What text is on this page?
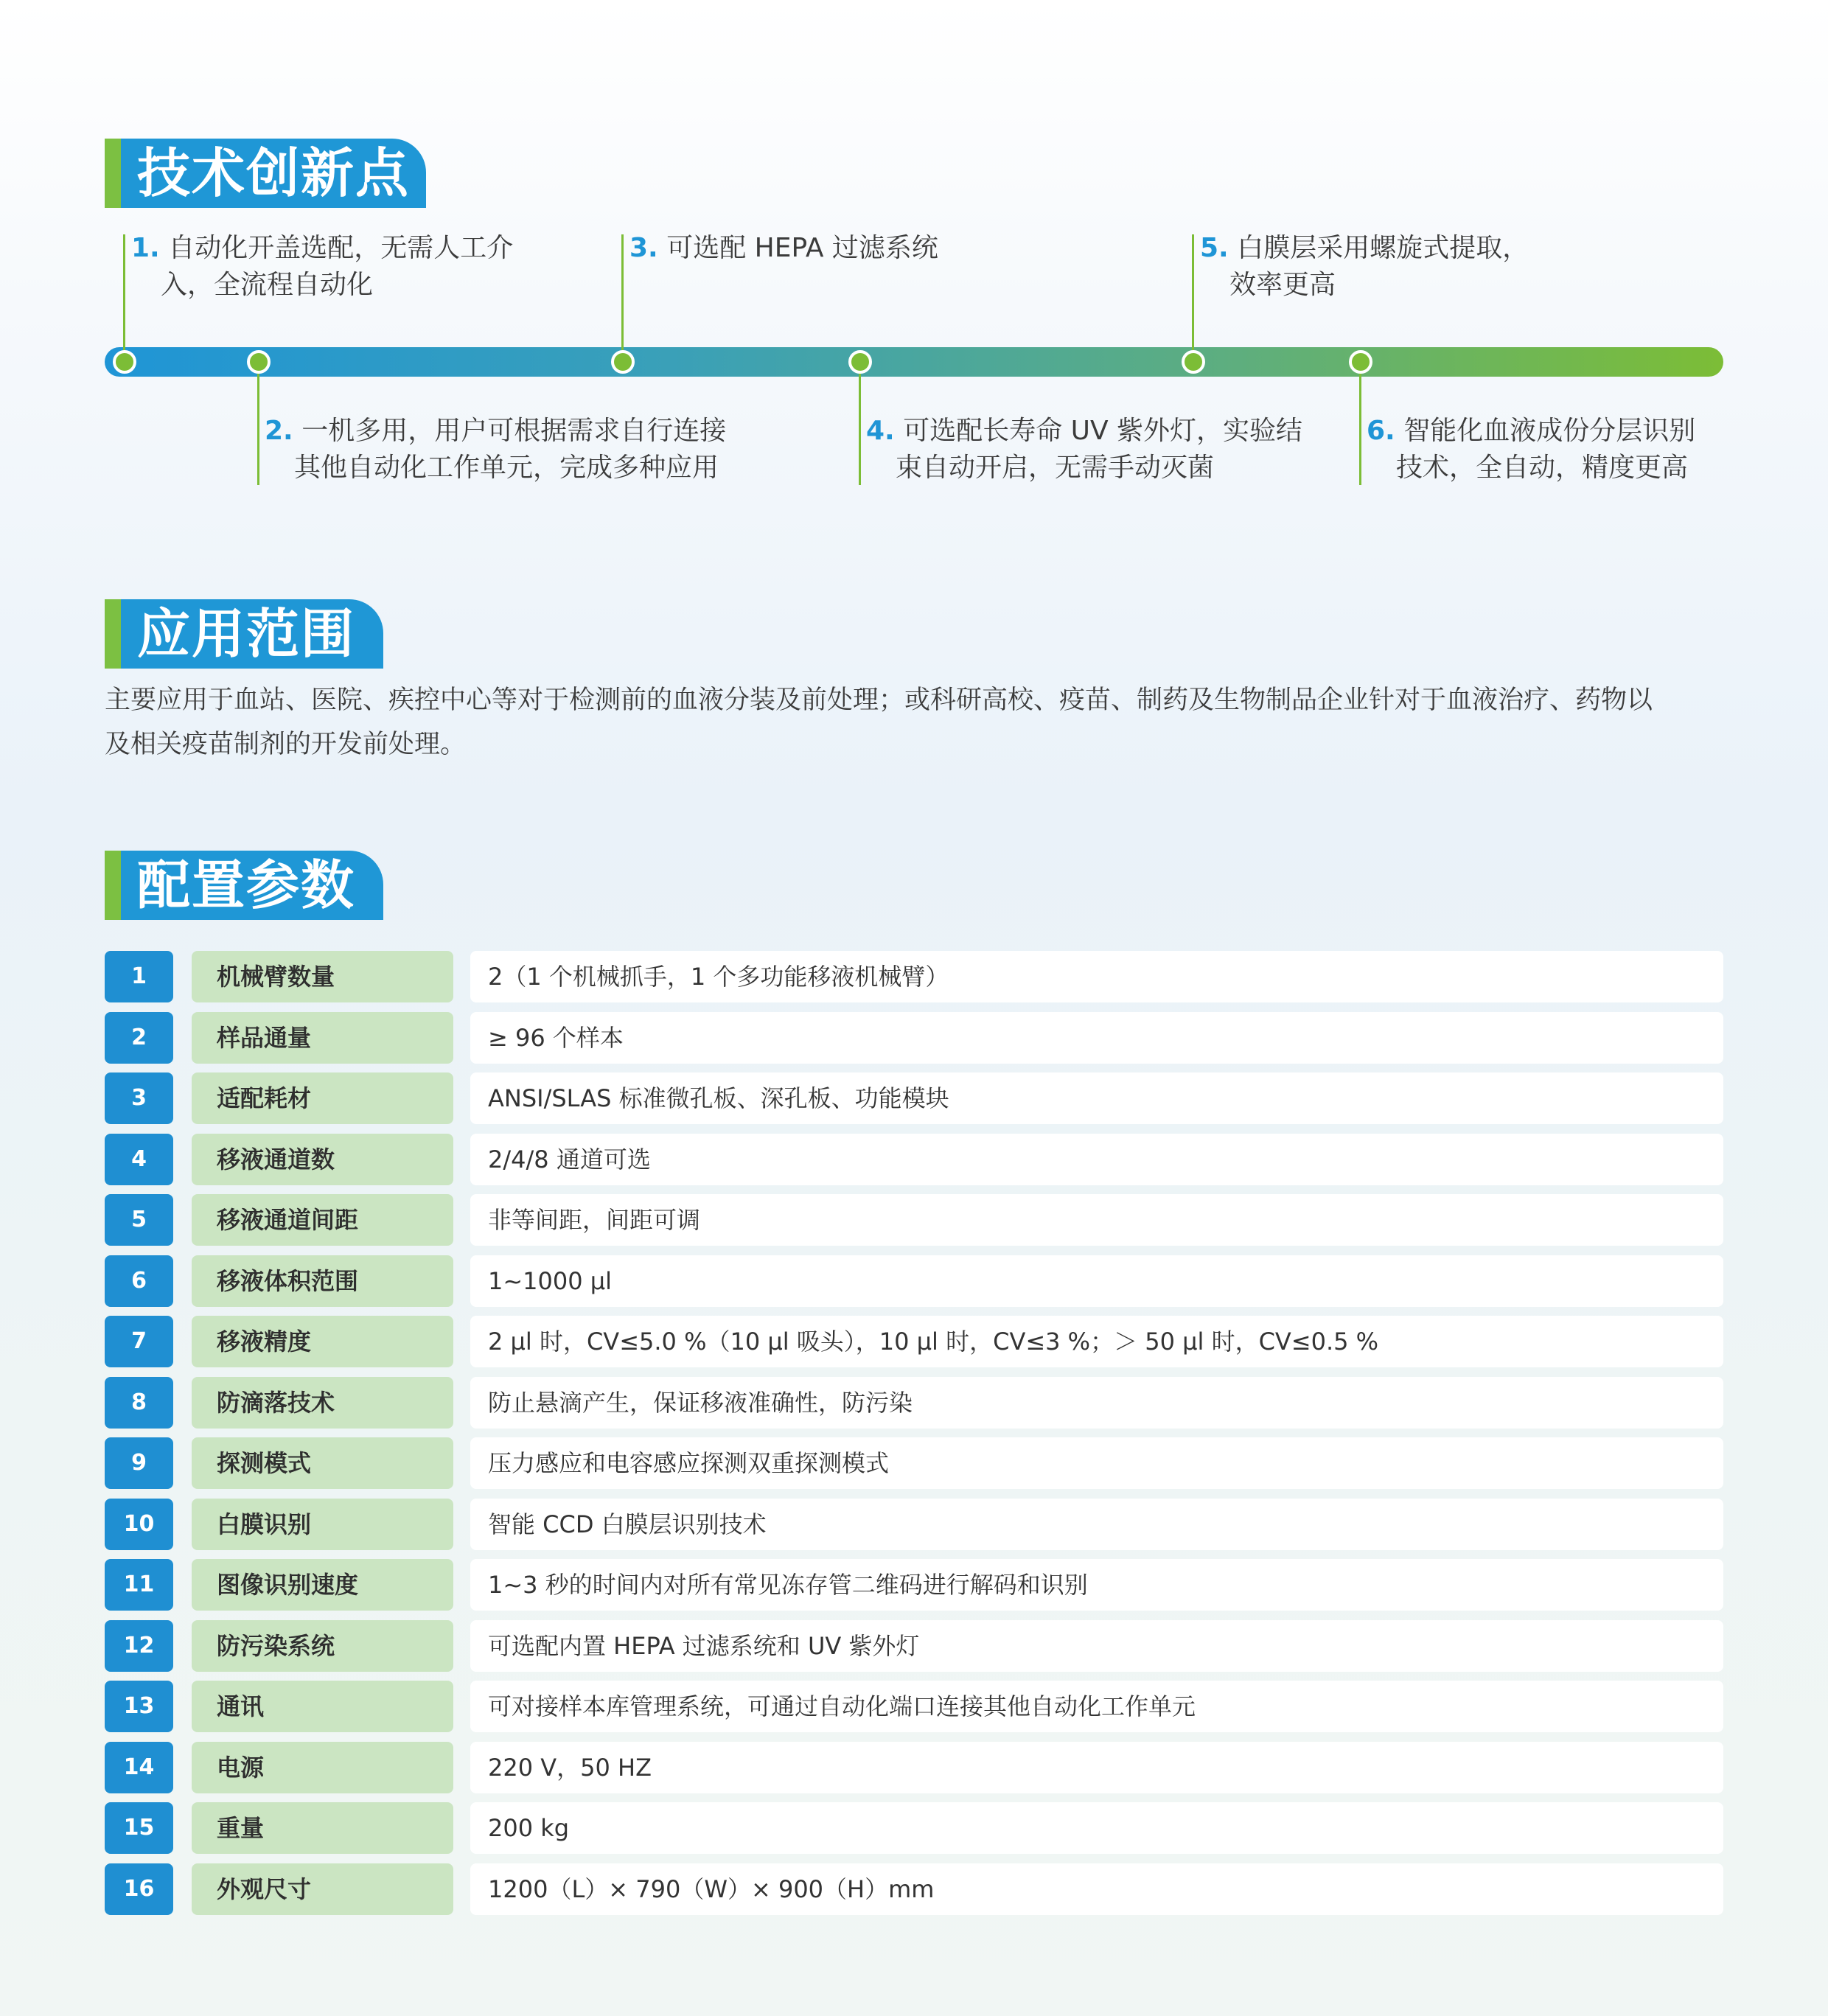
技术创新点
1. 自动化开盖选配，无需人工介
入，全流程自动化
3. 可选配 HEPA 过滤系统	5. 白膜层采用螺旋式提取，
效率更高
2. 一机多用，用户可根据需求自行连接
其他自动化工作单元，完成多种应用
4. 可选配长寿命 UV 紫外灯，实验结
束自动开启，无需手动灭菌
6. 智能化血液成份分层识别
技术，全自动，精度更高
应用范围
主要应用于血站、医院、疾控中心等对于检测前的血液分装及前处理；或科研高校、疫苗、制药及生物制品企业针对于血液治疗、药物以
及相关疫苗制剂的开发前处理。
配置参数
1	机械臂数量	2（1 个机械抓手，1 个多功能移液机械臂）
2	样品通量	≥ 96 个样本
3	适配耗材	ANSI/SLAS 标准微孔板、深孔板、功能模块
4	移液通道数	2/4/8 通道可选
5	移液通道间距	非等间距，间距可调
6	移液体积范围	1~1000 μl
7	移液精度	2 μl 时，CV≤5.0 %（10 μl 吸头），10 μl 时，CV≤3 %；＞ 50 μl 时，CV≤0.5 %
8	防滴落技术	防止悬滴产生，保证移液准确性，防污染
9	探测模式	压力感应和电容感应探测双重探测模式
10	白膜识别	智能 CCD 白膜层识别技术
11	图像识别速度	1~3 秒的时间内对所有常见冻存管二维码进行解码和识别
12	防污染系统	可选配内置 HEPA 过滤系统和 UV 紫外灯
13	通讯	可对接样本库管理系统，可通过自动化端口连接其他自动化工作单元
14	电源	220 V，50 HZ
15	重量	200 kg
16	外观尺寸	1200（L）× 790（W）× 900（H）mm
